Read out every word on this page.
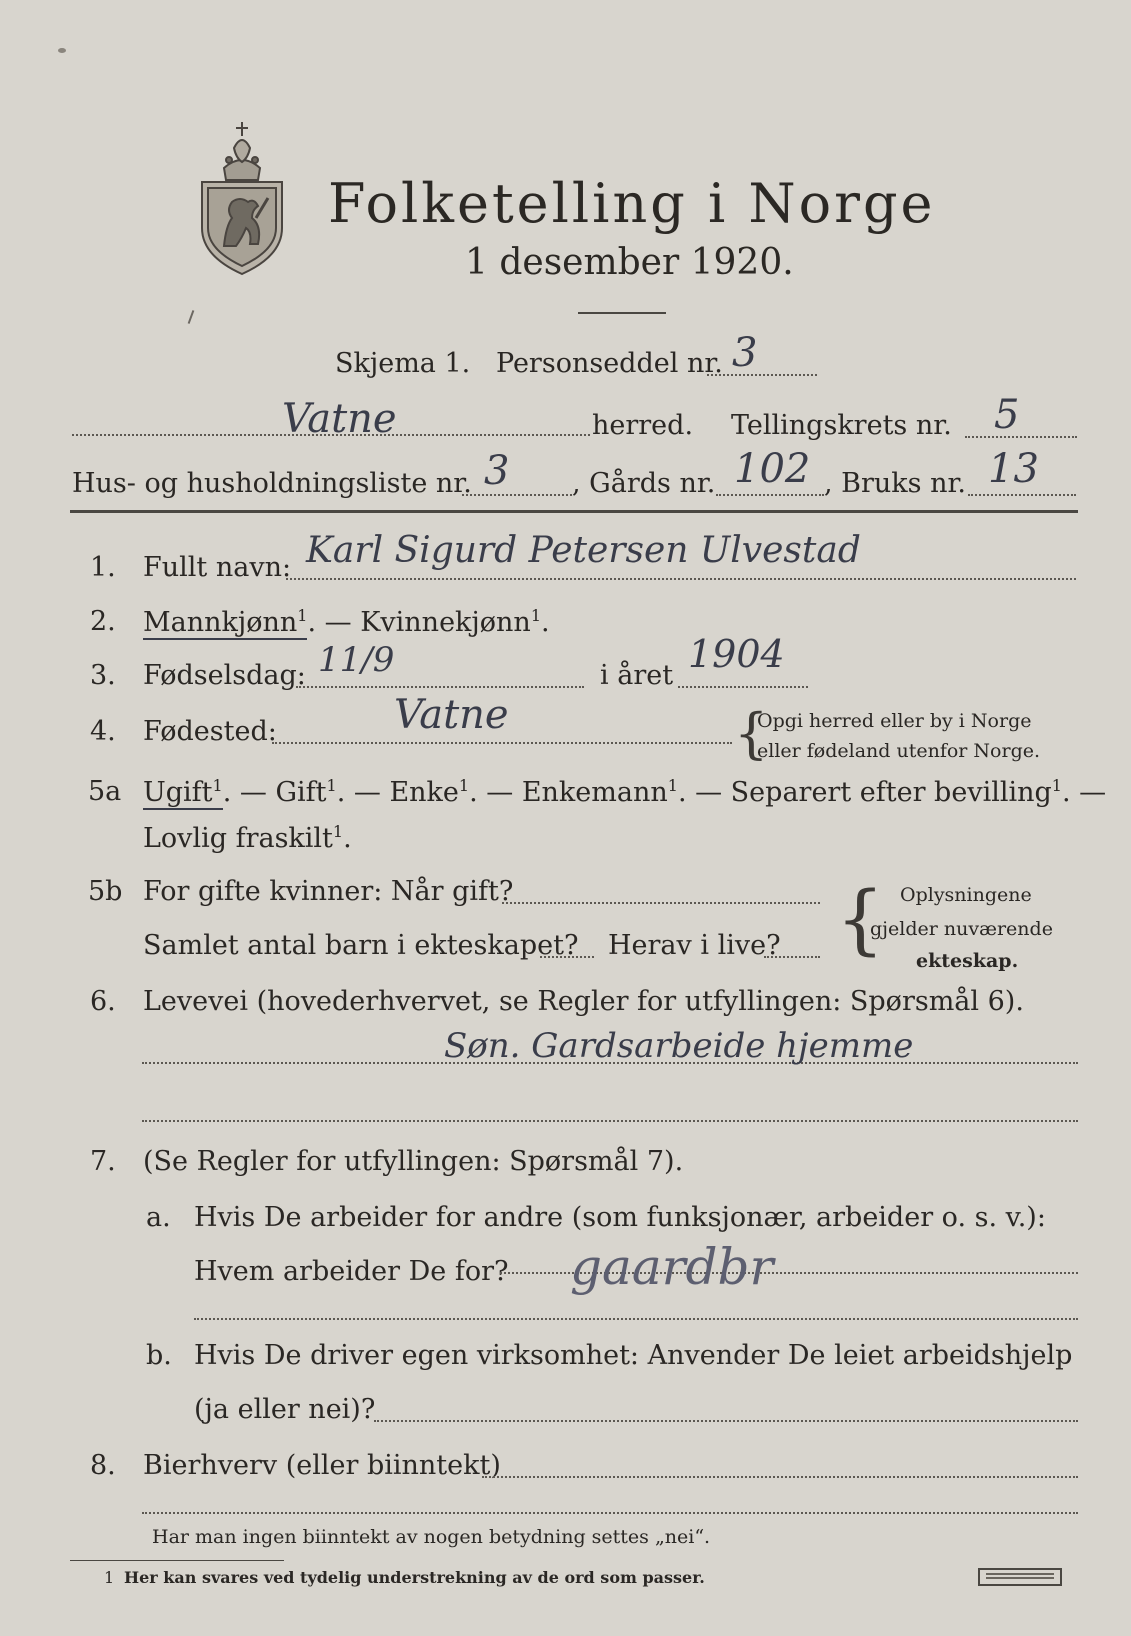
Folketelling i Norge
1 desember 1920.
Skjema 1. Personseddel nr. 3
Vatne	herred. Tellingskrets nr. 5
Hus- og husholdningsliste nr. 3 , Gårds nr. 102 , Bruks nr. 13
1. Fullt navn: Karl Sigurd Petersen Ulvestad
2. Mannkjønn$^1$. — Kvinnekjønn$^1$.
3. Fødselsdag: 11/9	i året 1904
4. Fødested:	Vatne	{
Opgi herred eller by i Norge
eller fødeland utenfor Norge.
5a Ugift$^1$. — Gift$^1$. — Enke$^1$. — Enkemann$^1$. — Separert efter bevilling$^1$. —
Lovlig fraskilt$^1$.
5b For gifte kvinner: Når gift?
Samlet antal barn i ekteskapet? Herav i live? { Oplysningene
gjelder nuværende
ekteskap.
6. Levevei (hovederhvervet, se Regler for utfyllingen: Spørsmål 6).
Søn. Gardsarbeide hjemme
7. (Se Regler for utfyllingen: Spørsmål 7).
a. Hvis De arbeider for andre (som funksjonær, arbeider o. s. v.):
Hvem arbeider De for? gaardbr
b. Hvis De driver egen virksomhet: Anvender De leiet arbeidshjelp
(ja eller nei)?
8. Bierhverv (eller biinntekt)
Har man ingen biinntekt av nogen betydning settes „nei“.
1 Her kan svares ved tydelig understrekning av de ord som passer.
